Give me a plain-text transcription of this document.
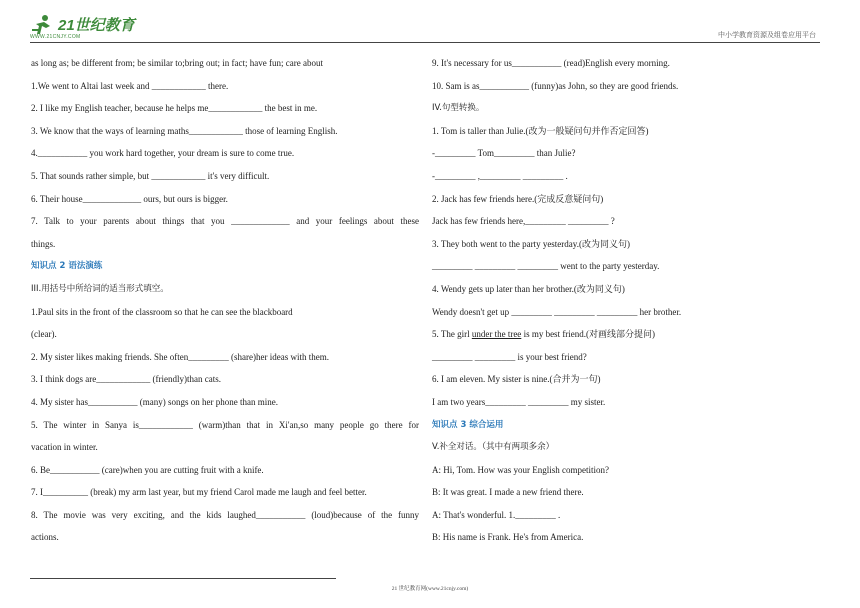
21世纪教育
WWW.21CNJY.COM	中小学教育资源及组卷应用平台
as long as; be different from; be similar to;bring out; in fact; have fun; care about
1.We went to Altai last week and ____________ there.
2. I like my English teacher, because he helps me____________ the best in me.
3. We know that the ways of learning maths____________ those of learning English.
4.___________ you work hard together, your dream is sure to come true.
5. That sounds rather simple, but ____________ it's very difficult.
6. Their house_____________ ours, but ours is bigger.
7. Talk to your parents about things that you _____________ and your feelings about these
things.
知识点 2 语法演练
III.用括号中所给词的适当形式填空。
1.Paul sits in the front of the classroom so that he can see the blackboard
(clear).
2. My sister likes making friends. She often_________ (share)her ideas with them.
3. I think dogs are____________ (friendly)than cats.
4. My sister has___________ (many) songs on her phone than mine.
5. The winter in Sanya is____________ (warm)than that in Xi'an,so many people go there for
vacation in winter.
6. Be___________ (care)when you are cutting fruit with a knife.
7. I__________ (break) my arm last year, but my friend Carol made me laugh and feel better.
8. The movie was very exciting, and the kids laughed___________ (loud)because of the funny
actions.
9. It's necessary for us___________ (read)English every morning.
10. Sam is as___________ (funny)as John, so they are good friends.
IV.句型转换。
1. Tom is taller than Julie.(改为一般疑问句并作否定回答)
-_________ Tom_________ than Julie?
-_________ ,_________ _________ .
2. Jack has few friends here.(完成反意疑问句)
Jack has few friends here,_________ _________ ?
3. They both went to the party yesterday.(改为同义句)
_________ _________ _________ went to the party yesterday.
4. Wendy gets up later than her brother.(改为同义句)
Wendy doesn't get up _________ _________ _________ her brother.
5. The girl under the tree is my best friend.(对画线部分提问)
_________ _________ is your best friend?
6. I am eleven. My sister is nine.(合并为一句)
I am two years_________ _________ my sister.
知识点 3 综合运用
V.补全对话。（其中有两项多余）
A: Hi, Tom. How was your English competition?
B: It was great. I made a new friend there.
A: That's wonderful. 1._________ .
B: His name is Frank. He's from America.
21 世纪教育网(www.21cnjy.com)
